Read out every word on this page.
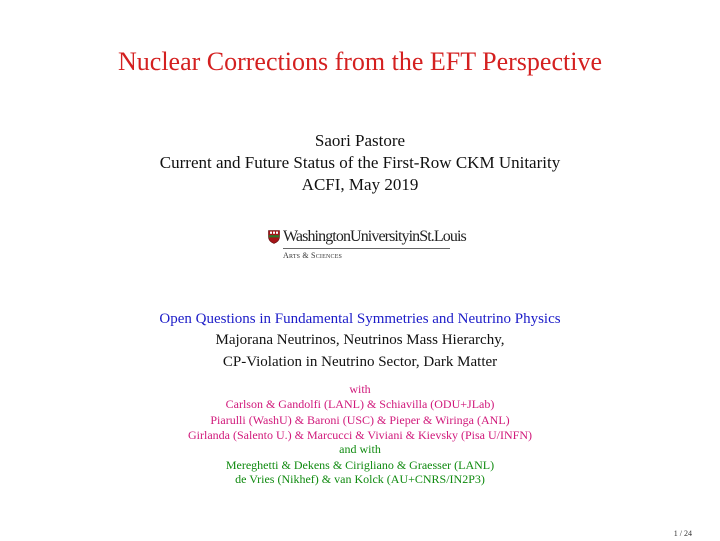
Nuclear Corrections from the EFT Perspective
Saori Pastore
Current and Future Status of the First-Row CKM Unitarity
ACFI, May 2019
WashingtonUniversityinSt.Louis
Arts & Sciences
Open Questions in Fundamental Symmetries and Neutrino Physics
Majorana Neutrinos, Neutrinos Mass Hierarchy,
CP-Violation in Neutrino Sector, Dark Matter
with
Carlson & Gandolfi (LANL) & Schiavilla (ODU+JLab)
Piarulli (WashU) & Baroni (USC) & Pieper & Wiringa (ANL)
Girlanda (Salento U.) & Marcucci & Viviani & Kievsky (Pisa U/INFN)
and with
Mereghetti & Dekens & Cirigliano & Graesser (LANL)
de Vries (Nikhef) & van Kolck (AU+CNRS/IN2P3)
1 / 24
